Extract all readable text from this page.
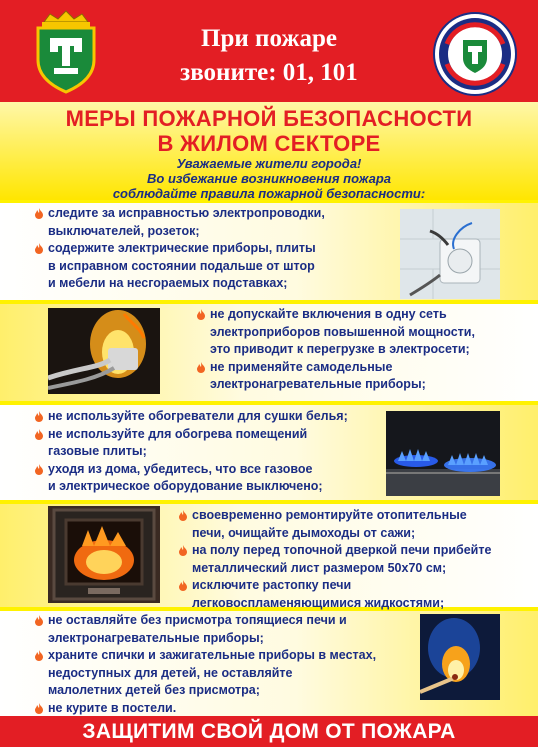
При пожаре
звоните: 01, 101
МЕРЫ ПОЖАРНОЙ БЕЗОПАСНОСТИ
В ЖИЛОМ СЕКТОРЕ
Уважаемые жители города!
Во избежание возникновения пожара
соблюдайте правила пожарной безопасности:
следите за исправностью электропроводки,
выключателей, розеток;
содержите электрические приборы, плиты
в исправном состоянии подальше от штор
и мебели на несгораемых подставках;
не допускайте включения в одну сеть
электроприборов повышенной мощности,
это приводит к перегрузке в электросети;
не применяйте самодельные
электронагревательные приборы;
не используйте обогреватели для сушки белья;
не используйте для обогрева помещений
газовые плиты;
уходя из дома, убедитесь, что все газовое
и электрическое оборудование выключено;
своевременно ремонтируйте отопительные
печи, очищайте дымоходы от сажи;
на полу перед топочной дверкой печи прибейте
металлический лист размером 50х70 см;
исключите растопку печи
легковоспламеняющимися жидкостями;
не оставляйте без присмотра топящиеся печи и
электронагревательные приборы;
храните спички и зажигательные приборы в местах,
недоступных для детей, не оставляйте
малолетних детей без присмотра;
не курите в постели.
ЗАЩИТИМ СВОЙ ДОМ ОТ ПОЖАРА
